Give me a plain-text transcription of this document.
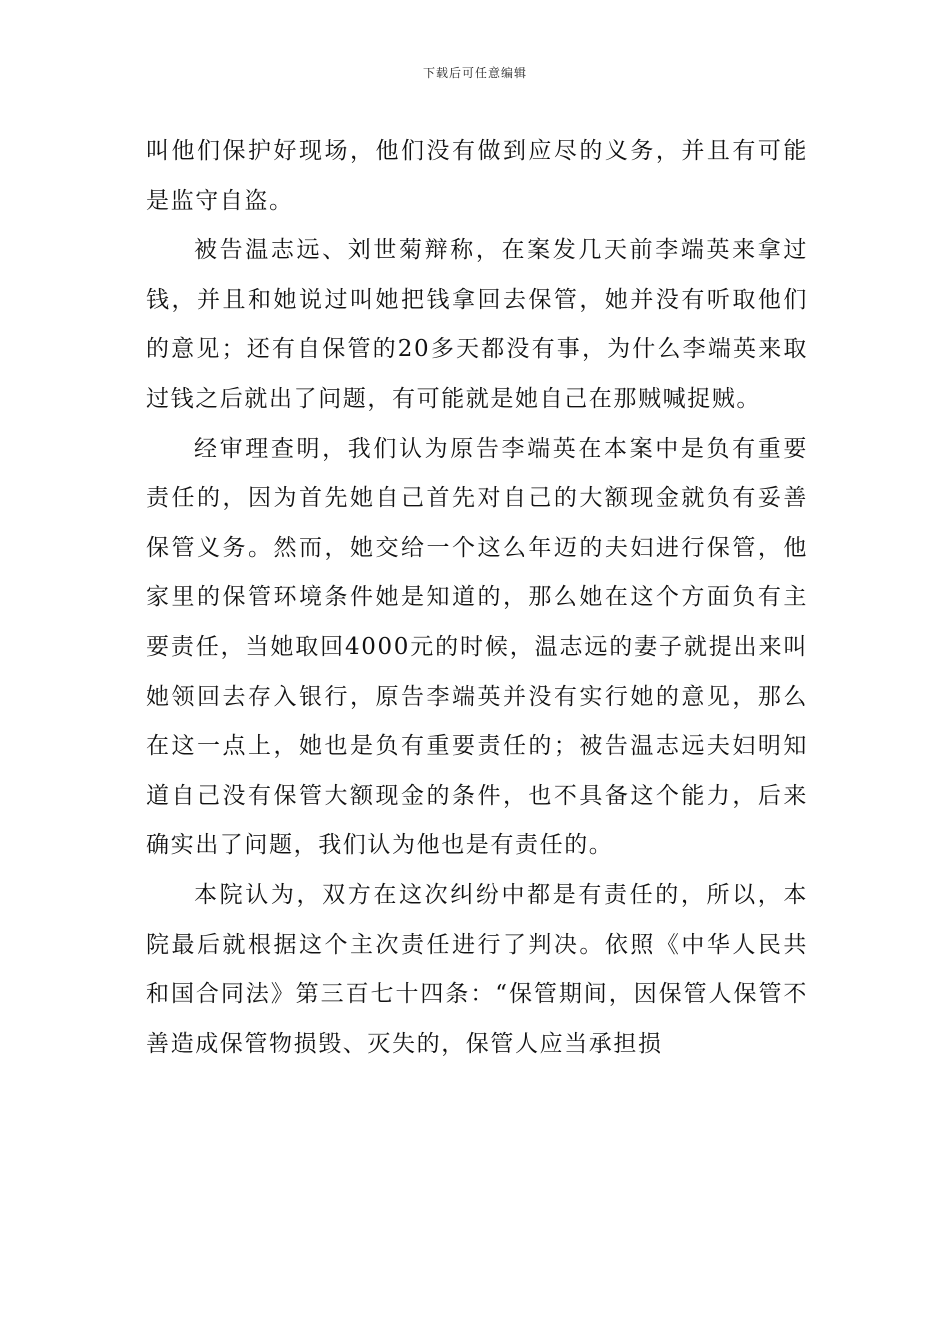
下载后可任意编辑

叫他们保护好现场，他们没有做到应尽的义务，并且有可能是监守自盗。

被告温志远、刘世菊辩称，在案发几天前李端英来拿过钱，并且和她说过叫她把钱拿回去保管，她并没有听取他们的意见；还有自保管的20多天都没有事，为什么李端英来取过钱之后就出了问题，有可能就是她自己在那贼喊捉贼。

经审理查明，我们认为原告李端英在本案中是负有重要责任的，因为首先她自己首先对自己的大额现金就负有妥善保管义务。然而，她交给一个这么年迈的夫妇进行保管，他家里的保管环境条件她是知道的，那么她在这个方面负有主要责任，当她取回4000元的时候，温志远的妻子就提出来叫她领回去存入银行，原告李端英并没有实行她的意见，那么在这一点上，她也是负有重要责任的；被告温志远夫妇明知道自己没有保管大额现金的条件，也不具备这个能力，后来确实出了问题，我们认为他也是有责任的。

本院认为，双方在这次纠纷中都是有责任的，所以，本院最后就根据这个主次责任进行了判决。依照《中华人民共和国合同法》第三百七十四条：“保管期间，因保管人保管不善造成保管物损毁、灭失的，保管人应当承担损
